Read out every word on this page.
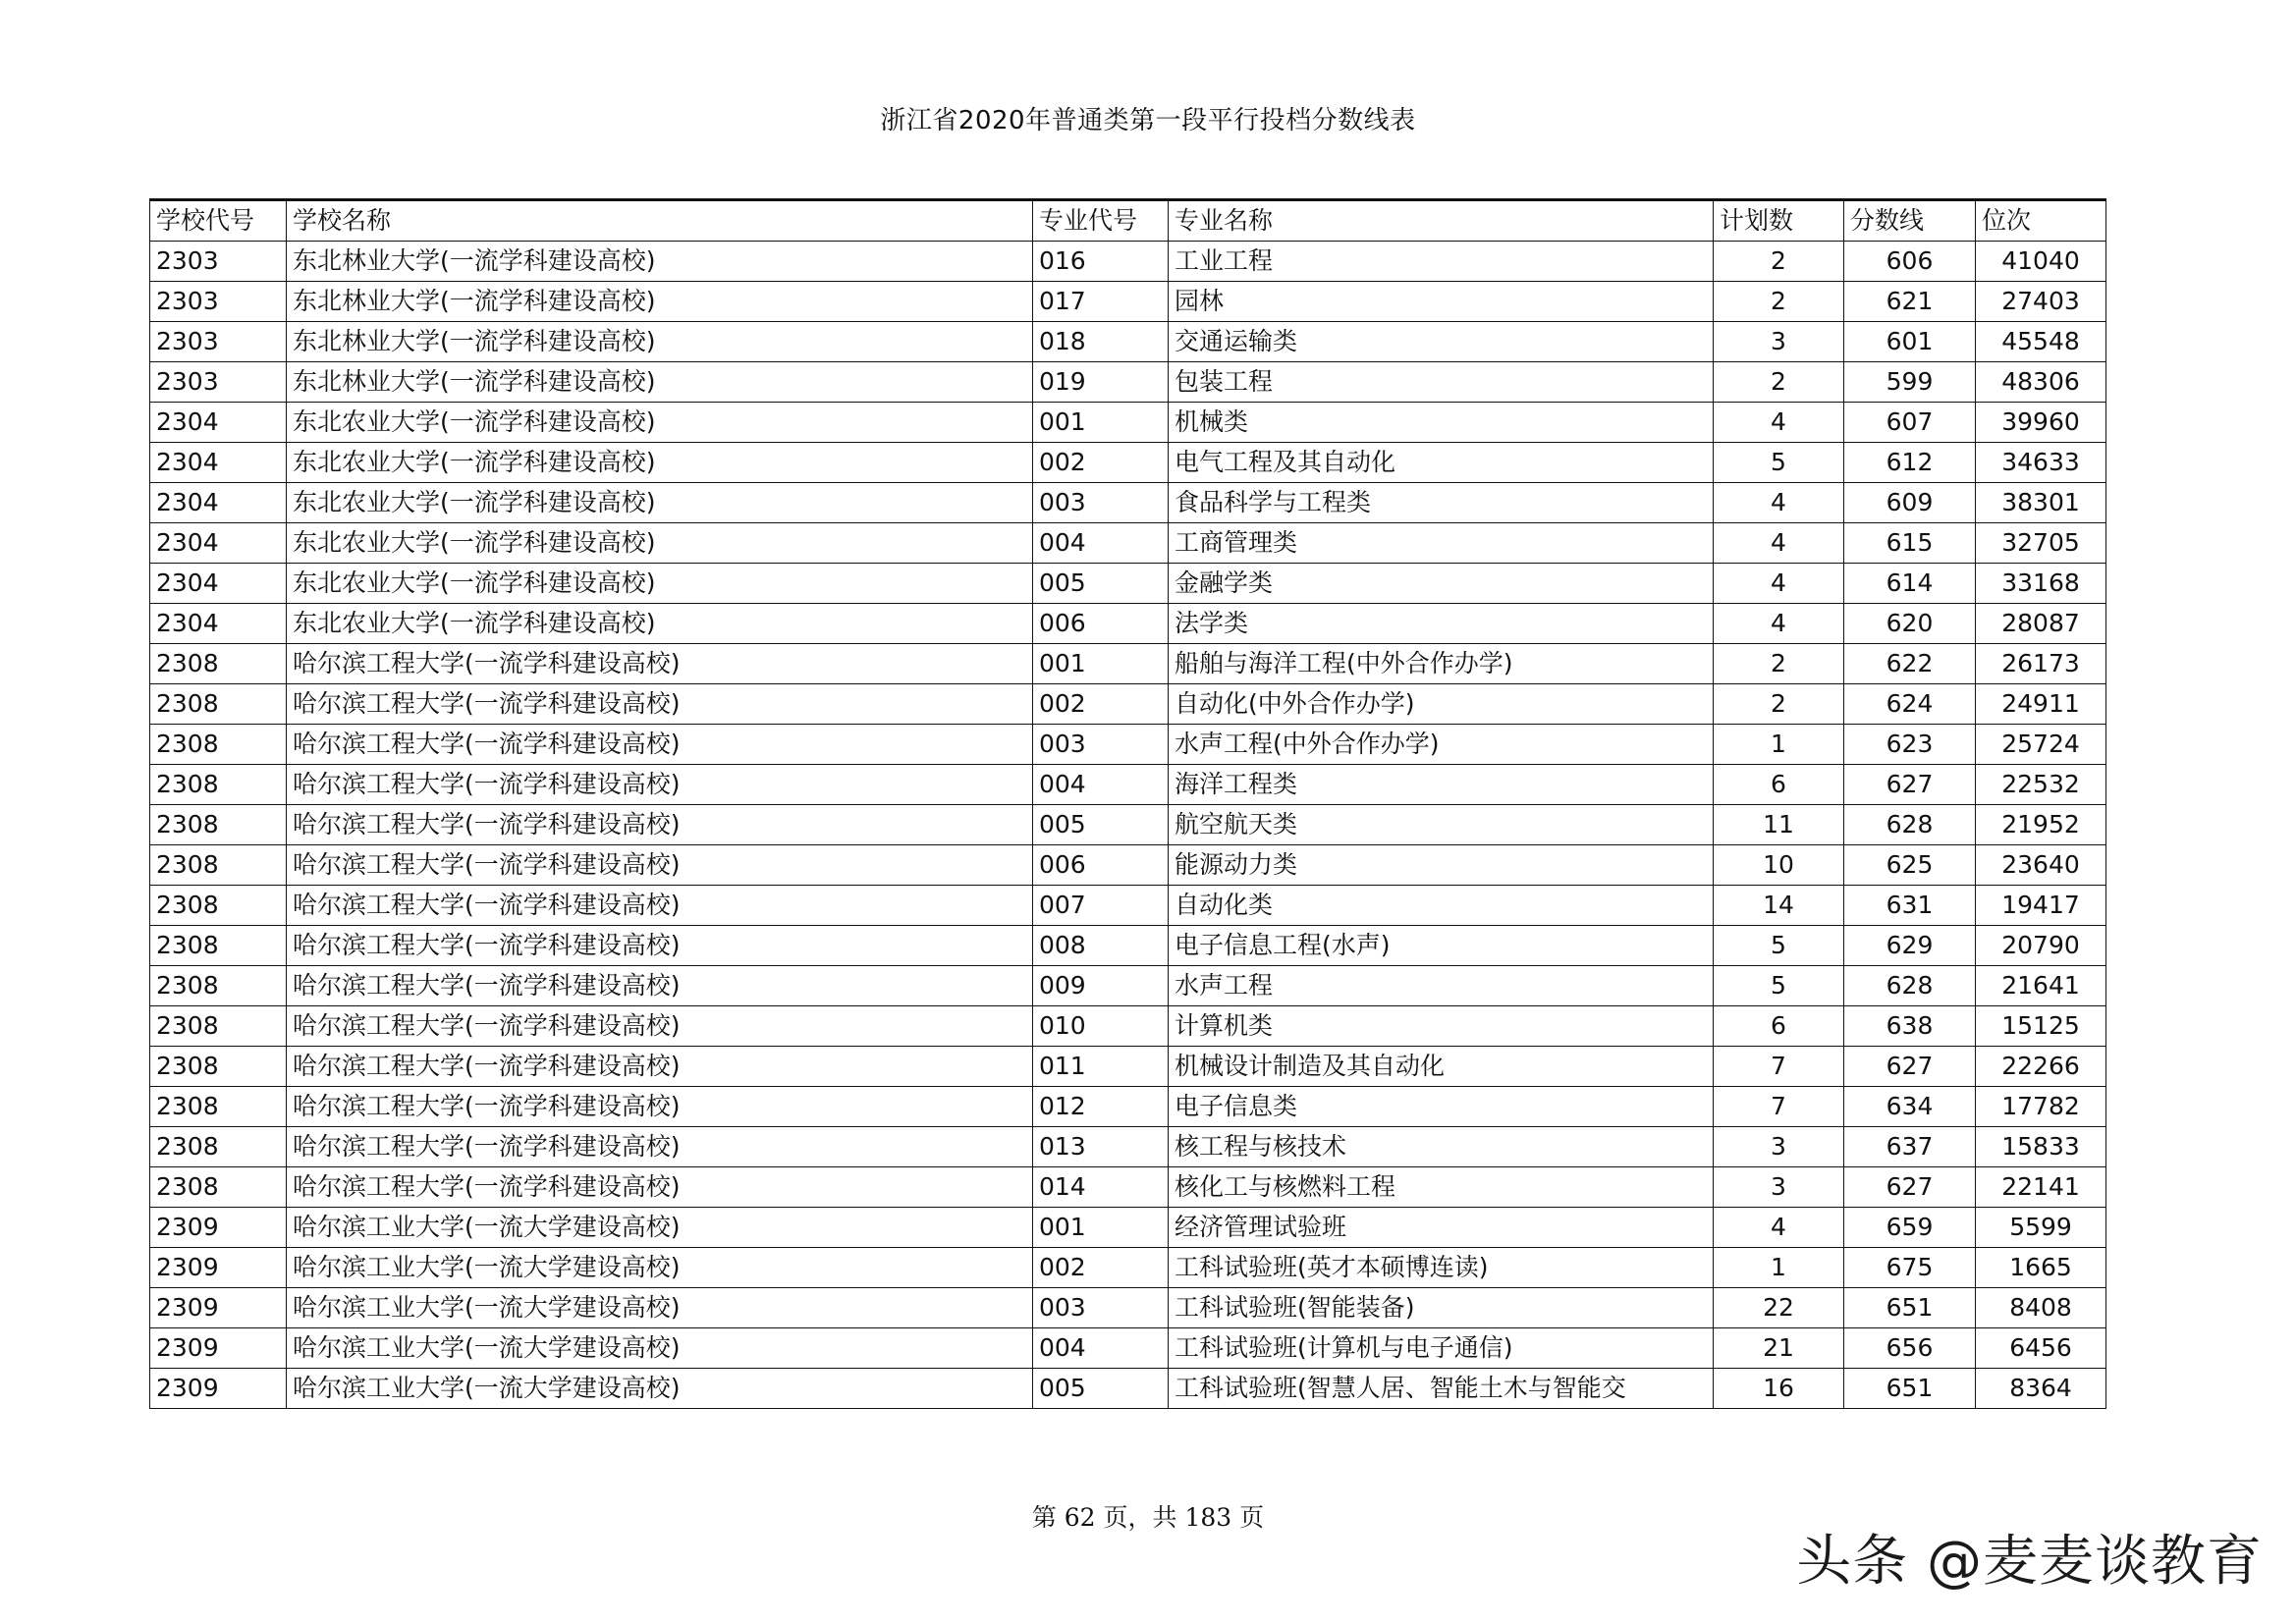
浙江省2020年普通类第一段平行投档分数线表
学校代号	学校名称	专业代号	专业名称	计划数	分数线	位次
2303	东北林业大学(一流学科建设高校)	016	工业工程	2	606	41040
2303	东北林业大学(一流学科建设高校)	017	园林	2	621	27403
2303	东北林业大学(一流学科建设高校)	018	交通运输类	3	601	45548
2303	东北林业大学(一流学科建设高校)	019	包装工程	2	599	48306
2304	东北农业大学(一流学科建设高校)	001	机械类	4	607	39960
2304	东北农业大学(一流学科建设高校)	002	电气工程及其自动化	5	612	34633
2304	东北农业大学(一流学科建设高校)	003	食品科学与工程类	4	609	38301
2304	东北农业大学(一流学科建设高校)	004	工商管理类	4	615	32705
2304	东北农业大学(一流学科建设高校)	005	金融学类	4	614	33168
2304	东北农业大学(一流学科建设高校)	006	法学类	4	620	28087
2308	哈尔滨工程大学(一流学科建设高校)	001	船舶与海洋工程(中外合作办学)	2	622	26173
2308	哈尔滨工程大学(一流学科建设高校)	002	自动化(中外合作办学)	2	624	24911
2308	哈尔滨工程大学(一流学科建设高校)	003	水声工程(中外合作办学)	1	623	25724
2308	哈尔滨工程大学(一流学科建设高校)	004	海洋工程类	6	627	22532
2308	哈尔滨工程大学(一流学科建设高校)	005	航空航天类	11	628	21952
2308	哈尔滨工程大学(一流学科建设高校)	006	能源动力类	10	625	23640
2308	哈尔滨工程大学(一流学科建设高校)	007	自动化类	14	631	19417
2308	哈尔滨工程大学(一流学科建设高校)	008	电子信息工程(水声)	5	629	20790
2308	哈尔滨工程大学(一流学科建设高校)	009	水声工程	5	628	21641
2308	哈尔滨工程大学(一流学科建设高校)	010	计算机类	6	638	15125
2308	哈尔滨工程大学(一流学科建设高校)	011	机械设计制造及其自动化	7	627	22266
2308	哈尔滨工程大学(一流学科建设高校)	012	电子信息类	7	634	17782
2308	哈尔滨工程大学(一流学科建设高校)	013	核工程与核技术	3	637	15833
2308	哈尔滨工程大学(一流学科建设高校)	014	核化工与核燃料工程	3	627	22141
2309	哈尔滨工业大学(一流大学建设高校)	001	经济管理试验班	4	659	5599
2309	哈尔滨工业大学(一流大学建设高校)	002	工科试验班(英才本硕博连读)	1	675	1665
2309	哈尔滨工业大学(一流大学建设高校)	003	工科试验班(智能装备)	22	651	8408
2309	哈尔滨工业大学(一流大学建设高校)	004	工科试验班(计算机与电子通信)	21	656	6456
2309	哈尔滨工业大学(一流大学建设高校)	005	工科试验班(智慧人居、智能土木与智能交	16	651	8364
第 62 页，共 183 页
头条 @麦麦谈教育
